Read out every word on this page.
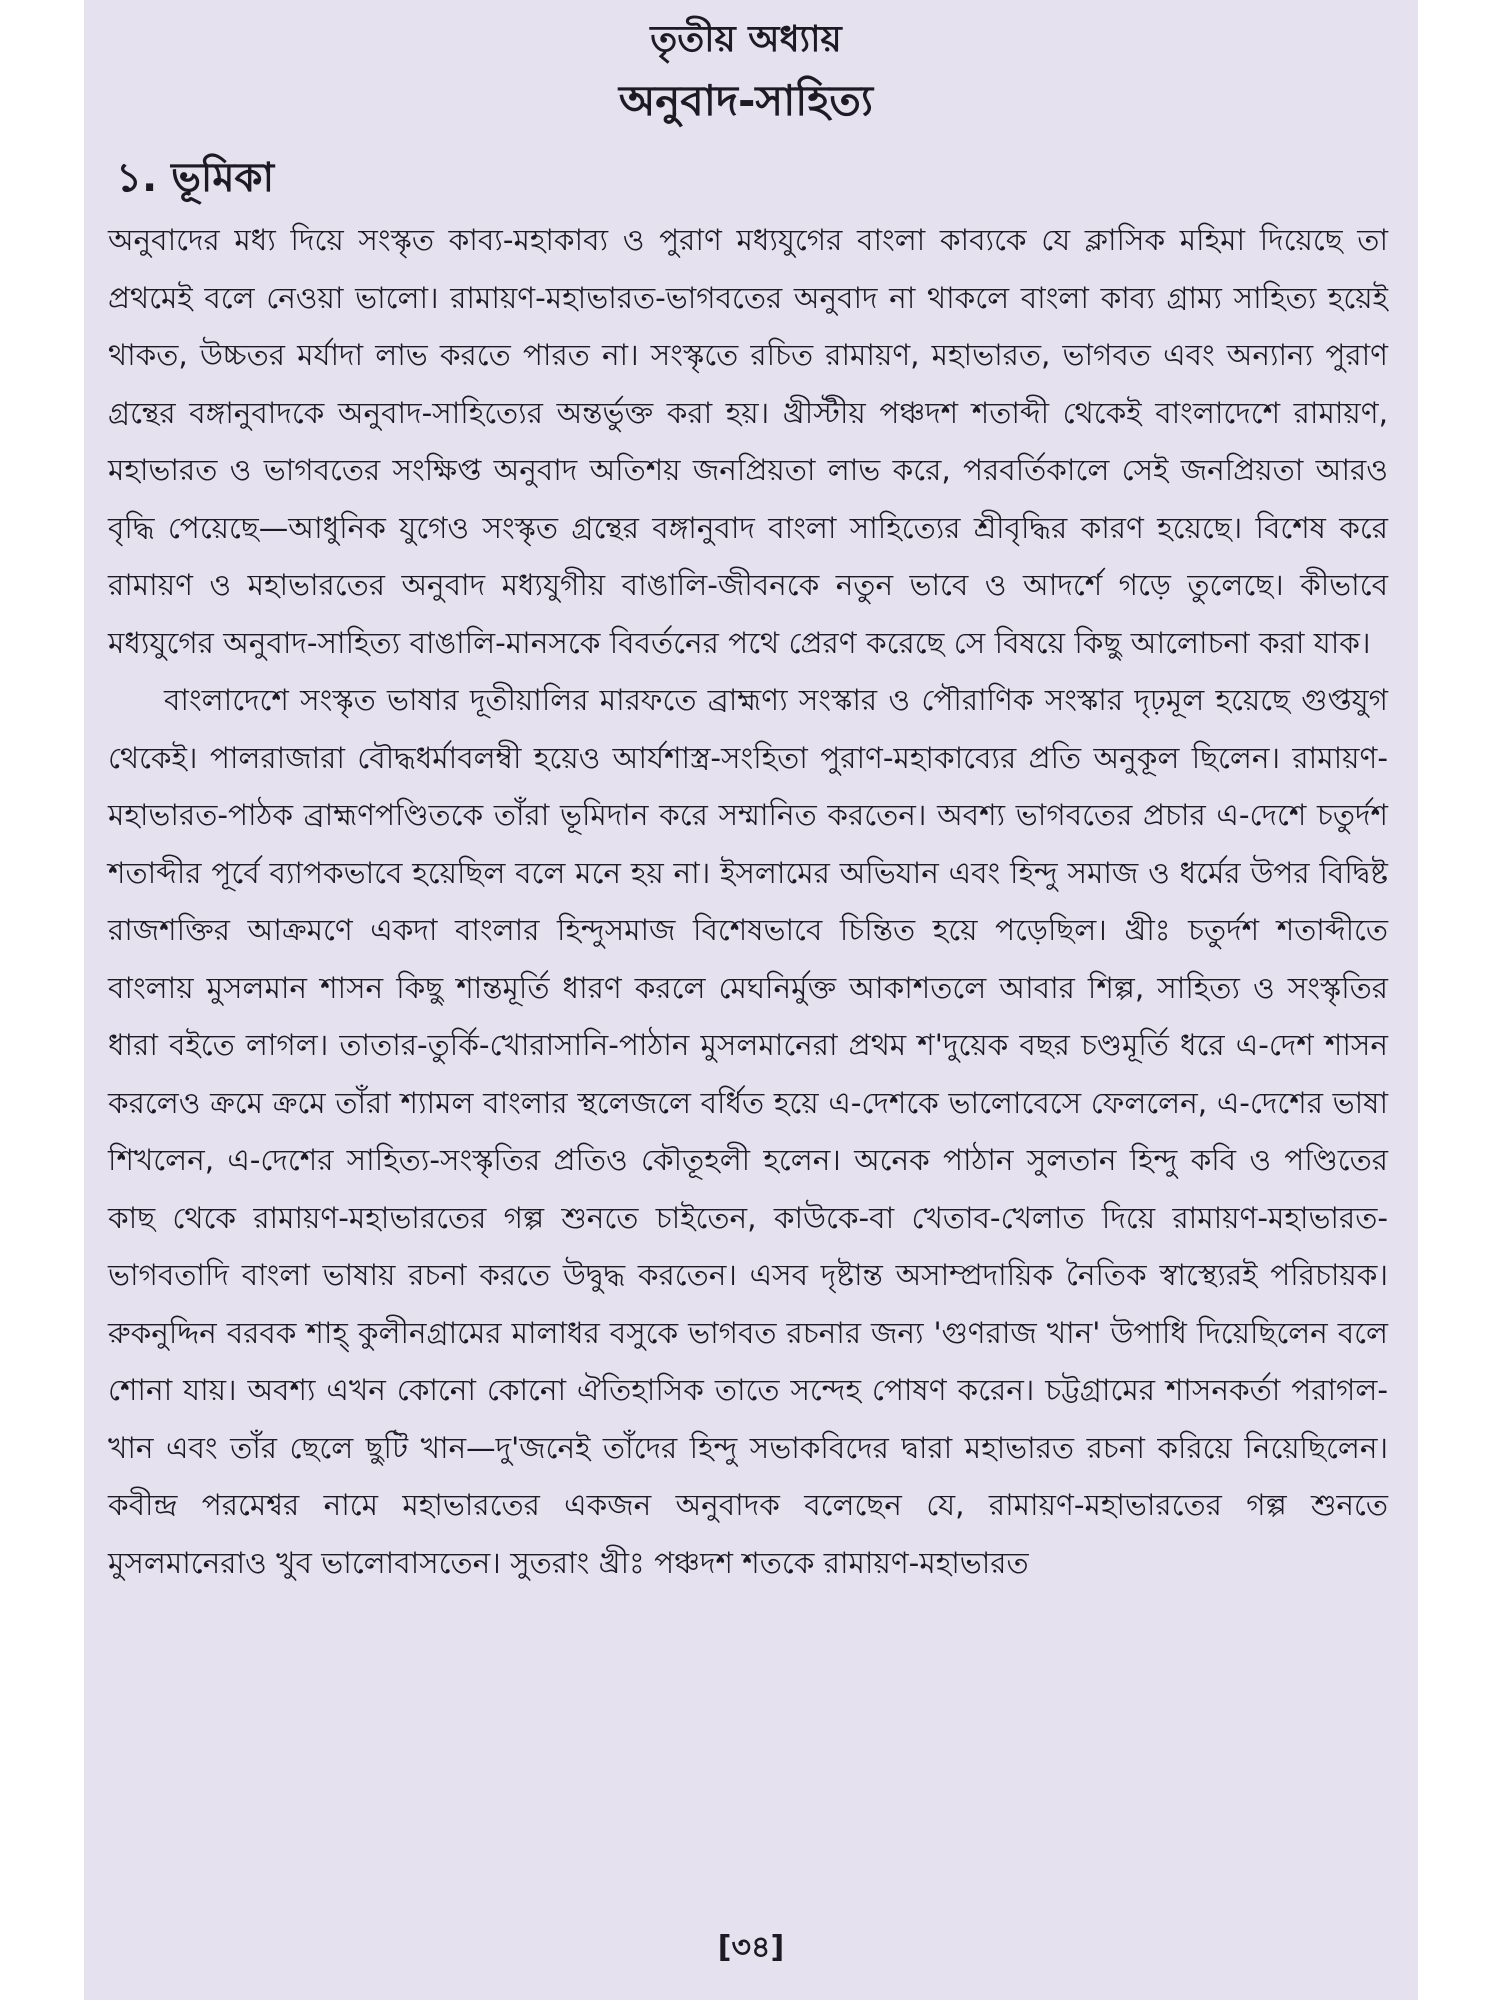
তৃতীয় অধ্যায়
অনুবাদ-সাহিত্য
১. ভূমিকা

অনুবাদের মধ্য দিয়ে সংস্কৃত কাব্য-মহাকাব্য ও পুরাণ মধ্যযুগের বাংলা কাব্যকে যে ক্লাসিক মহিমা দিয়েছে তা প্রথমেই বলে নেওয়া ভালো। রামায়ণ-মহাভারত-ভাগবতের অনুবাদ না থাকলে বাংলা কাব্য গ্রাম্য সাহিত্য হয়েই থাকত, উচ্চতর মর্যাদা লাভ করতে পারত না। সংস্কৃতে রচিত রামায়ণ, মহাভারত, ভাগবত এবং অন্যান্য পুরাণ গ্রন্থের বঙ্গানুবাদকে অনুবাদ-সাহিত্যের অন্তর্ভুক্ত করা হয়। খ্রীস্টীয় পঞ্চদশ শতাব্দী থেকেই বাংলাদেশে রামায়ণ, মহাভারত ও ভাগবতের সংক্ষিপ্ত অনুবাদ অতিশয় জনপ্রিয়তা লাভ করে, পরবর্তিকালে সেই জনপ্রিয়তা আরও বৃদ্ধি পেয়েছে—আধুনিক যুগেও সংস্কৃত গ্রন্থের বঙ্গানুবাদ বাংলা সাহিত্যের শ্রীবৃদ্ধির কারণ হয়েছে। বিশেষ করে রামায়ণ ও মহাভারতের অনুবাদ মধ্যযুগীয় বাঙালি-জীবনকে নতুন ভাবে ও আদর্শে গড়ে তুলেছে। কীভাবে মধ্যযুগের অনুবাদ-সাহিত্য বাঙালি-মানসকে বিবর্তনের পথে প্রেরণ করেছে সে বিষয়ে কিছু আলোচনা করা যাক।

বাংলাদেশে সংস্কৃত ভাষার দূতীয়ালির মারফতে ব্রাহ্মণ্য সংস্কার ও পৌরাণিক সংস্কার দৃঢ়মূল হয়েছে গুপ্তযুগ থেকেই। পালরাজারা বৌদ্ধধর্মাবলম্বী হয়েও আর্যশাস্ত্র-সংহিতা পুরাণ-মহাকাব্যের প্রতি অনুকূল ছিলেন। রামায়ণ-মহাভারত-পাঠক ব্রাহ্মণপণ্ডিতকে তাঁরা ভূমিদান করে সম্মানিত করতেন। অবশ্য ভাগবতের প্রচার এ-দেশে চতুর্দশ শতাব্দীর পূর্বে ব্যাপকভাবে হয়েছিল বলে মনে হয় না। ইসলামের অভিযান এবং হিন্দু সমাজ ও ধর্মের উপর বিদ্বিষ্ট রাজশক্তির আক্রমণে একদা বাংলার হিন্দুসমাজ বিশেষভাবে চিন্তিত হয়ে পড়েছিল। খ্রীঃ চতুর্দশ শতাব্দীতে বাংলায় মুসলমান শাসন কিছু শান্তমূর্তি ধারণ করলে মেঘনির্মুক্ত আকাশতলে আবার শিল্প, সাহিত্য ও সংস্কৃতির ধারা বইতে লাগল। তাতার-তুর্কি-খোরাসানি-পাঠান মুসলমানেরা প্রথম শ'দুয়েক বছর চণ্ডমূর্তি ধরে এ-দেশ শাসন করলেও ক্রমে ক্রমে তাঁরা শ্যামল বাংলার স্থলেজলে বর্ধিত হয়ে এ-দেশকে ভালোবেসে ফেললেন, এ-দেশের ভাষা শিখলেন, এ-দেশের সাহিত্য-সংস্কৃতির প্রতিও কৌতূহলী হলেন। অনেক পাঠান সুলতান হিন্দু কবি ও পণ্ডিতের কাছ থেকে রামায়ণ-মহাভারতের গল্প শুনতে চাইতেন, কাউকে-বা খেতাব-খেলাত দিয়ে রামায়ণ-মহাভারত-ভাগবতাদি বাংলা ভাষায় রচনা করতে উদ্বুদ্ধ করতেন। এসব দৃষ্টান্ত অসাম্প্রদায়িক নৈতিক স্বাস্থ্যেরই পরিচায়ক। রুকনুদ্দিন বরবক শাহ্ কুলীনগ্রামের মালাধর বসুকে ভাগবত রচনার জন্য 'গুণরাজ খান' উপাধি দিয়েছিলেন বলে শোনা যায়। অবশ্য এখন কোনো কোনো ঐতিহাসিক তাতে সন্দেহ পোষণ করেন। চট্টগ্রামের শাসনকর্তা পরাগল-খান এবং তাঁর ছেলে ছুটি খান—দু'জনেই তাঁদের হিন্দু সভাকবিদের দ্বারা মহাভারত রচনা করিয়ে নিয়েছিলেন। কবীন্দ্র পরমেশ্বর নামে মহাভারতের একজন অনুবাদক বলেছেন যে, রামায়ণ-মহাভারতের গল্প শুনতে মুসলমানেরাও খুব ভালোবাসতেন। সুতরাং খ্রীঃ পঞ্চদশ শতকে রামায়ণ-মহাভারত

[৩৪]
